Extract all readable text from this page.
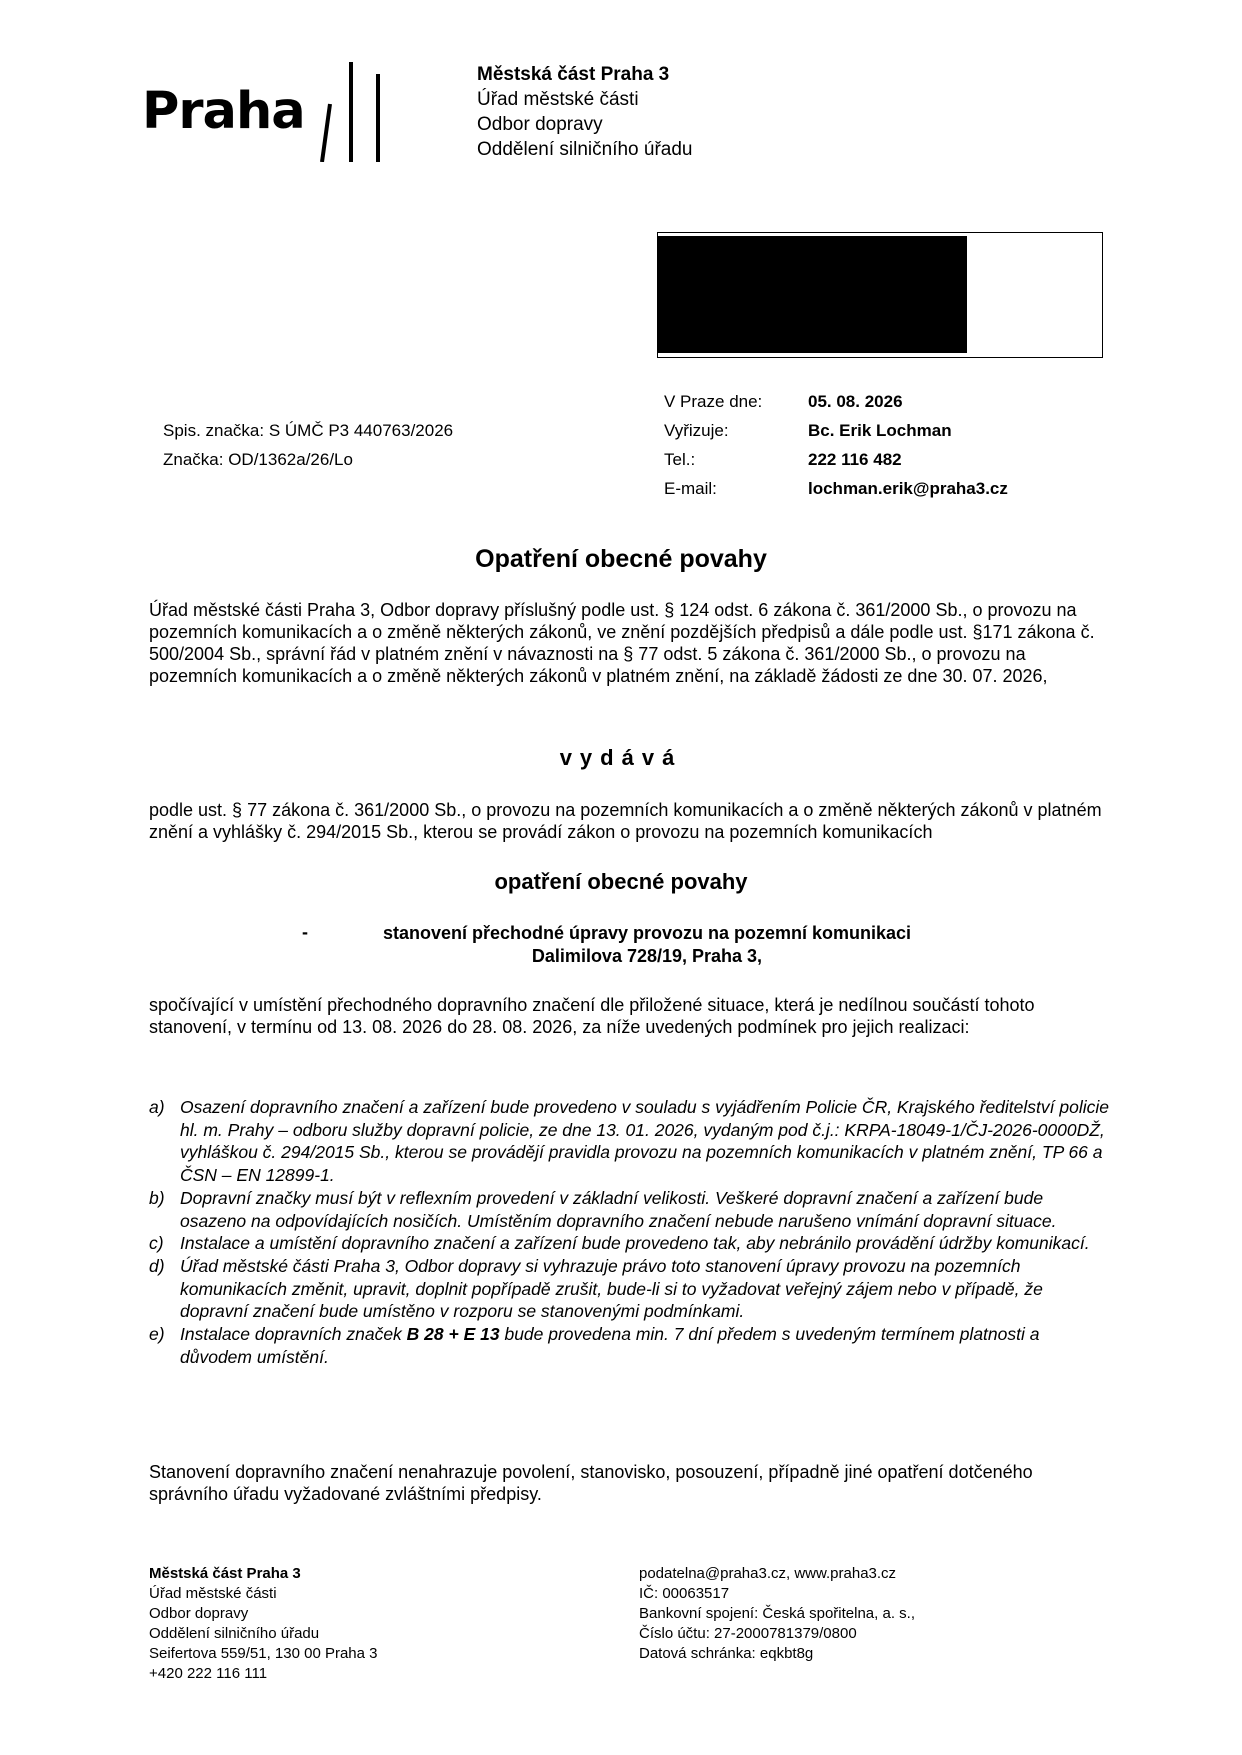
Praha
Městská část Praha 3
Úřad městské části
Odbor dopravy
Oddělení silničního úřadu
V Praze dne:
Vyřizuje:
Tel.:
E-mail:
05. 08. 2026
Bc. Erik Lochman
222 116 482
lochman.erik@praha3.cz
Spis. značka: S ÚMČ P3 440763/2026
Značka: OD/1362a/26/Lo
Opatření obecné povahy
Úřad městské části Praha 3, Odbor dopravy příslušný podle ust. § 124 odst. 6 zákona č. 361/2000 Sb., o provozu na pozemních komunikacích a o změně některých zákonů, ve znění pozdějších předpisů a dále podle ust. §171 zákona č. 500/2004 Sb., správní řád v platném znění v návaznosti na § 77 odst. 5 zákona č. 361/2000 Sb., o provozu na pozemních komunikacích a o změně některých zákonů v platném znění, na základě žádosti ze dne 30. 07. 2026,
vydává
podle ust. § 77 zákona č. 361/2000 Sb., o provozu na pozemních komunikacích a o změně některých zákonů v platném znění a vyhlášky č. 294/2015 Sb., kterou se provádí zákon o provozu na pozemních komunikacích
opatření obecné povahy
-	stanovení přechodné úpravy provozu na pozemní komunikaci
Dalimilova 728/19, Praha 3,
spočívající v umístění přechodného dopravního značení dle přiložené situace, která je nedílnou součástí tohoto stanovení, v termínu od 13. 08. 2026 do 28. 08. 2026, za níže uvedených podmínek pro jejich realizaci:
a) Osazení dopravního značení a zařízení bude provedeno v souladu s vyjádřením Policie ČR, Krajského ředitelství policie hl. m. Prahy – odboru služby dopravní policie, ze dne 13. 01. 2026, vydaným pod č.j.: KRPA-18049-1/ČJ-2026-0000DŽ, vyhláškou č. 294/2015 Sb., kterou se provádějí pravidla provozu na pozemních komunikacích v platném znění, TP 66 a ČSN – EN 12899-1.
b) Dopravní značky musí být v reflexním provedení v základní velikosti. Veškeré dopravní značení a zařízení bude osazeno na odpovídajících nosičích. Umístěním dopravního značení nebude narušeno vnímání dopravní situace.
c) Instalace a umístění dopravního značení a zařízení bude provedeno tak, aby nebránilo provádění údržby komunikací.
d) Úřad městské části Praha 3, Odbor dopravy si vyhrazuje právo toto stanovení úpravy provozu na pozemních komunikacích změnit, upravit, doplnit popřípadě zrušit, bude-li si to vyžadovat veřejný zájem nebo v případě, že dopravní značení bude umístěno v rozporu se stanovenými podmínkami.
e) Instalace dopravních značek B 28 + E 13 bude provedena min. 7 dní předem s uvedeným termínem platnosti a důvodem umístění.
Stanovení dopravního značení nenahrazuje povolení, stanovisko, posouzení, případně jiné opatření dotčeného správního úřadu vyžadované zvláštními předpisy.
Městská část Praha 3
Úřad městské části
Odbor dopravy
Oddělení silničního úřadu
Seifertova 559/51, 130 00 Praha 3
+420 222 116 111
podatelna@praha3.cz, www.praha3.cz
IČ: 00063517
Bankovní spojení: Česká spořitelna, a. s.,
Číslo účtu: 27-2000781379/0800
Datová schránka: eqkbt8g
